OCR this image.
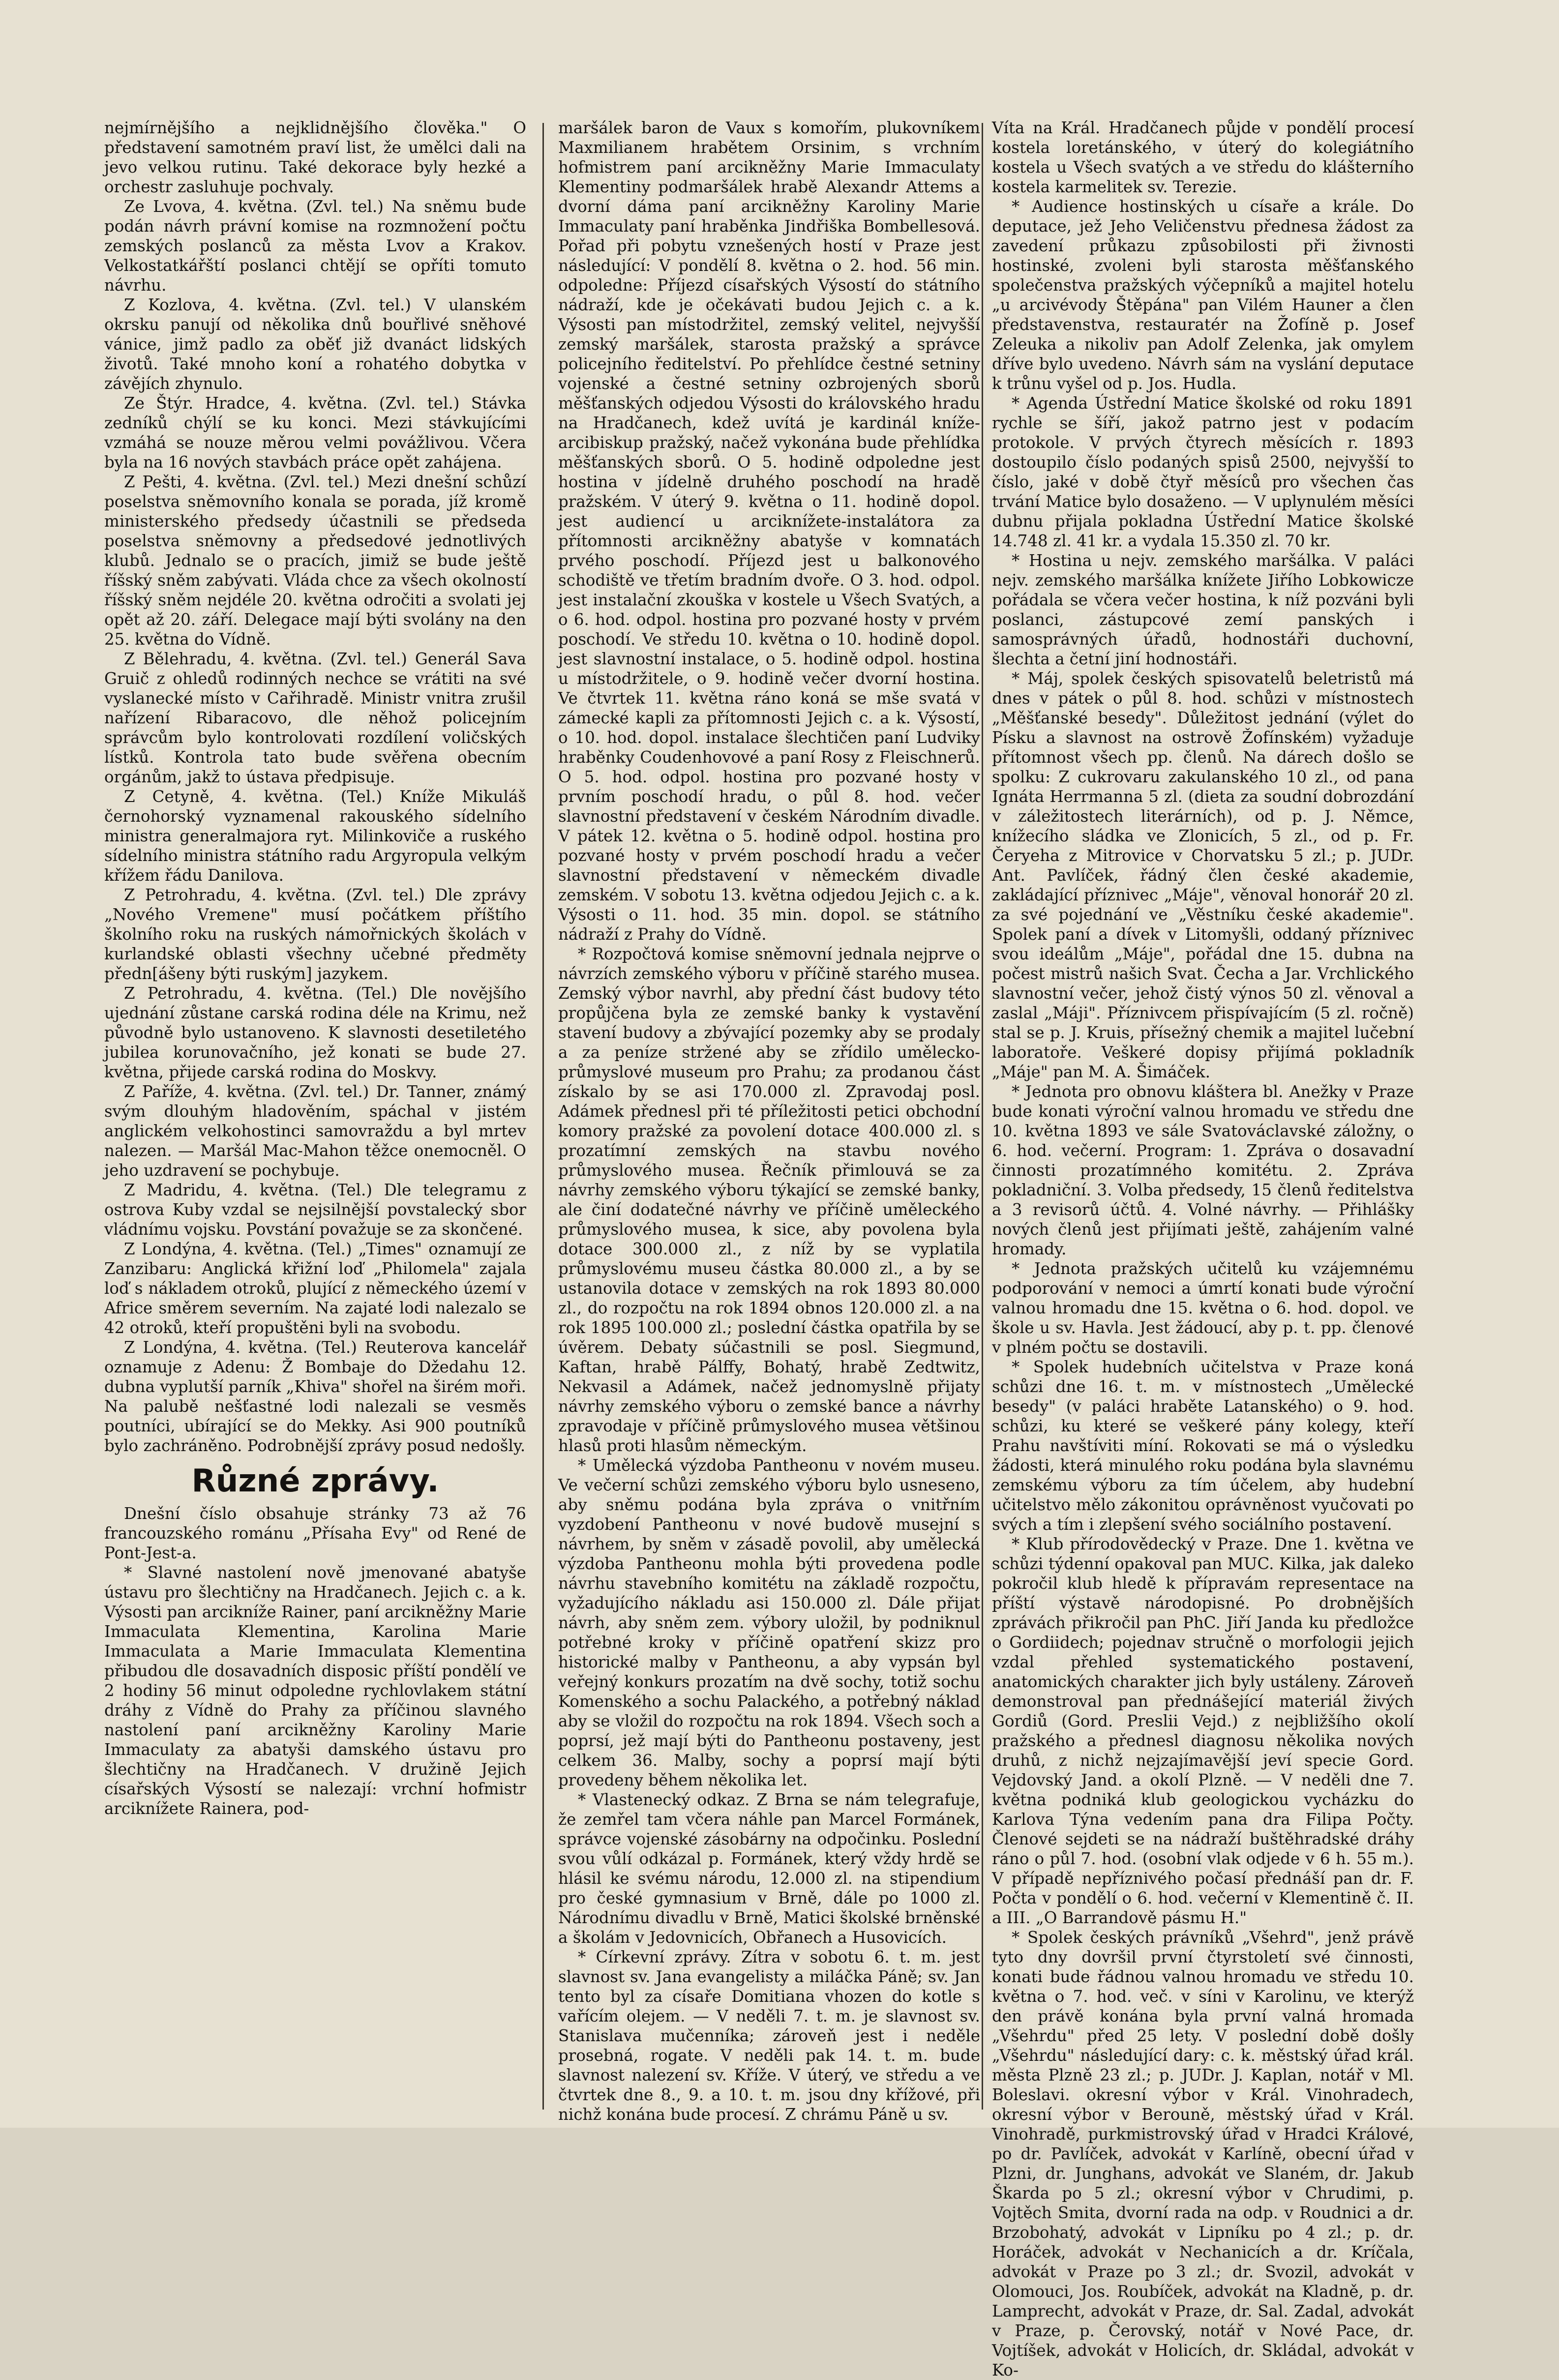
nejmírnějšího a nejklidnějšího člověka." O představení samotném praví list, že umělci dali na jevo velkou rutinu. Také dekorace byly hezké a orchestr zasluhuje pochvaly.

Ze Lvova, 4. května. (Zvl. tel.) Na sněmu bude podán návrh právní komise na rozmnožení počtu zemských poslanců za města Lvov a Krakov. Velkostatkářští poslanci chtějí se opříti tomuto návrhu.

Z Kozlova, 4. května. (Zvl. tel.) V ulanském okrsku panují od několika dnů bouřlivé sněhové vánice, jimž padlo za oběť již dvanáct lidských životů. Také mnoho koní a rohatého dobytka v závějích zhynulo.

Ze Štýr. Hradce, 4. května. (Zvl. tel.) Stávka zedníků chýlí se ku konci. Mezi stávkujícími vzmáhá se nouze měrou velmi povážlivou. Včera byla na 16 nových stavbách práce opět zahájena.

Z Pešti, 4. května. (Zvl. tel.) Mezi dnešní schůzí poselstva sněmovního konala se porada, jíž kromě ministerského předsedy účastnili se předseda poselstva sněmovny a předsedové jednotlivých klubů. Jednalo se o pracích, jimiž se bude ještě říšský sněm zabývati. Vláda chce za všech okolností říšský sněm nejdéle 20. května odročiti a svolati jej opět až 20. září. Delegace mají býti svolány na den 25. května do Vídně.

Z Bělehradu, 4. května. (Zvl. tel.) Generál Sava Gruič z ohledů rodinných nechce se vrátiti na své vyslanecké místo v Cařihradě. Ministr vnitra zrušil nařízení Ribaracovo, dle něhož policejním správcům bylo kontrolovati rozdílení voličských lístků. Kontrola tato bude svěřena obecním orgánům, jakž to ústava předpisuje.

Z Cetyně, 4. května. (Tel.) Kníže Mikuláš černohorský vyznamenal rakouského sídelního ministra generalmajora ryt. Milinkoviče a ruského sídelního ministra státního radu Argyropula velkým křížem řádu Danilova.

Z Petrohradu, 4. května. (Zvl. tel.) Dle zprávy „Nového Vremene" musí počátkem příštího školního roku na ruských námořnických školách v kurlandské oblasti všechny učebné předměty předn[ášeny býti ruským] jazykem.

Z Petrohradu, 4. května. (Tel.) Dle novějšího ujednání zůstane carská rodina déle na Krimu, než původně bylo ustanoveno. K slavnosti desetiletého jubilea korunovačního, jež konati se bude 27. května, přijede carská rodina do Moskvy.

Z Paříže, 4. května. (Zvl. tel.) Dr. Tanner, známý svým dlouhým hladověním, spáchal v jistém anglickém velkohostinci samovraždu a byl mrtev nalezen. — Maršál Mac-Mahon těžce onemocněl. O jeho uzdravení se pochybuje.

Z Madridu, 4. května. (Tel.) Dle telegramu z ostrova Kuby vzdal se nejsilnější povstalecký sbor vládnímu vojsku. Povstání považuje se za skončené.

Z Londýna, 4. května. (Tel.) „Times" oznamují ze Zanzibaru: Anglická křižní loď „Philomela" zajala loď s nákladem otroků, plující z německého území v Africe směrem severním. Na zajaté lodi nalezalo se 42 otroků, kteří propuštěni byli na svobodu.

Z Londýna, 4. května. (Tel.) Reuterova kancelář oznamuje z Adenu: Ž Bombaje do Džedahu 12. dubna vyplutší parník „Khiva" shořel na širém moři. Na palubě nešťastné lodi nalezali se vesměs poutníci, ubírající se do Mekky. Asi 900 poutníků bylo zachráněno. Podrobnější zprávy posud nedošly.

Různé zprávy.

Dnešní číslo obsahuje stránky 73 až 76 francouzského románu „Přísaha Evy" od René de Pont-Jest-a.

* Slavné nastolení nově jmenované abatyše ústavu pro šlechtičny na Hradčanech. Jejich c. a k. Výsosti pan arcikníže Rainer, paní arcikněžny Marie Immaculata Klementina, Karolina Marie Immaculata a Marie Immaculata Klementina přibudou dle dosavadních disposic příští pondělí ve 2 hodiny 56 minut odpoledne rychlovlakem státní dráhy z Vídně do Prahy za příčinou slavného nastolení paní arcikněžny Karoliny Marie Immaculaty za abatyši damského ústavu pro šlechtičny na Hradčanech. V družině Jejich císařských Výsostí se nalezají: vrchní hofmistr arciknížete Rainera, pod-

maršálek baron de Vaux s komořím, plukovníkem Maxmilianem hrabětem Orsinim, s vrchním hofmistrem paní arcikněžny Marie Immaculaty Klementiny podmaršálek hrabě Alexandr Attems a dvorní dáma paní arcikněžny Karoliny Marie Immaculaty paní hraběnka Jindřiška Bombellesová. Pořad při pobytu vznešených hostí v Praze jest následující: V pondělí 8. května o 2. hod. 56 min. odpoledne: Příjezd císařských Výsostí do státního nádraží, kde je očekávati budou Jejich c. a k. Výsosti pan místodržitel, zemský velitel, nejvyšší zemský maršálek, starosta pražský a správce policejního ředitelství. Po přehlídce čestné setniny vojenské a čestné setniny ozbrojených sborů měšťanských odjedou Výsosti do královského hradu na Hradčanech, kdež uvítá je kardinál kníže-arcibiskup pražský, načež vykonána bude přehlídka měšťanských sborů. O 5. hodině odpoledne jest hostina v jídelně druhého poschodí na hradě pražském. V úterý 9. května o 11. hodině dopol. jest audiencí u arciknížete-instalátora za přítomnosti arcikněžny abatyše v komnatách prvého poschodí. Příjezd jest u balkonového schodiště ve třetím bradním dvoře. O 3. hod. odpol. jest instalační zkouška v kostele u Všech Svatých, a o 6. hod. odpol. hostina pro pozvané hosty v prvém poschodí. Ve středu 10. května o 10. hodině dopol. jest slavnostní instalace, o 5. hodině odpol. hostina u místodržitele, o 9. hodině večer dvorní hostina. Ve čtvrtek 11. května ráno koná se mše svatá v zámecké kapli za přítomnosti Jejich c. a k. Výsostí, o 10. hod. dopol. instalace šlechtičen paní Ludviky hraběnky Coudenhovové a paní Rosy z Fleischnerů. O 5. hod. odpol. hostina pro pozvané hosty v prvním poschodí hradu, o půl 8. hod. večer slavnostní představení v českém Národním divadle. V pátek 12. května o 5. hodině odpol. hostina pro pozvané hosty v prvém poschodí hradu a večer slavnostní představení v německém divadle zemském. V sobotu 13. května odjedou Jejich c. a k. Výsosti o 11. hod. 35 min. dopol. se státního nádraží z Prahy do Vídně.

* Rozpočtová komise sněmovní jednala nejprve o návrzích zemského výboru v příčině starého musea. Zemský výbor navrhl, aby přední část budovy této propůjčena byla ze zemské banky k vystavění stavení budovy a zbývající pozemky aby se prodaly a za peníze stržené aby se zřídilo umělecko-průmyslové museum pro Prahu; za prodanou část získalo by se asi 170.000 zl. Zpravodaj posl. Adámek přednesl při té příležitosti petici obchodní komory pražské za povolení dotace 400.000 zl. s prozatímní zemských na stavbu nového průmyslového musea. Řečník přimlouvá se za návrhy zemského výboru týkající se zemské banky, ale činí dodatečné návrhy ve příčině uměleckého průmyslového musea, k sice, aby povolena byla dotace 300.000 zl., z níž by se vyplatila průmyslovému museu částka 80.000 zl., a by se ustanovila dotace v zemských na rok 1893 80.000 zl., do rozpočtu na rok 1894 obnos 120.000 zl. a na rok 1895 100.000 zl.; poslední částka opatřila by se úvěrem. Debaty súčastnili se posl. Siegmund, Kaftan, hrabě Pálffy, Bohatý, hrabě Zedtwitz, Nekvasil a Adámek, načež jednomyslně přijaty návrhy zemského výboru o zemské bance a návrhy zpravodaje v příčině průmyslového musea většinou hlasů proti hlasům německým.

* Umělecká výzdoba Pantheonu v novém museu. Ve večerní schůzi zemského výboru bylo usneseno, aby sněmu podána byla zpráva o vnitřním vyzdobení Pantheonu v nové budově musejní s návrhem, by sněm v zásadě povolil, aby umělecká výzdoba Pantheonu mohla býti provedena podle návrhu stavebního komitétu na základě rozpočtu, vyžadujícího nákladu asi 150.000 zl. Dále přijat návrh, aby sněm zem. výbory uložil, by podniknul potřebné kroky v příčině opatření skizz pro historické malby v Pantheonu, a aby vypsán byl veřejný konkurs prozatím na dvě sochy, totiž sochu Komenského a sochu Palackého, a potřebný náklad aby se vložil do rozpočtu na rok 1894. Všech soch a poprsí, jež mají býti do Pantheonu postaveny, jest celkem 36. Malby, sochy a poprsí mají býti provedeny během několika let.

* Vlastenecký odkaz. Z Brna se nám telegrafuje, že zemřel tam včera náhle pan Marcel Formánek, správce vojenské zásobárny na odpočinku. Poslední svou vůlí odkázal p. Formánek, který vždy hrdě se hlásil ke svému národu, 12.000 zl. na stipendium pro české gymnasium v Brně, dále po 1000 zl. Národnímu divadlu v Brně, Matici školské brněnské a školám v Jedovnicích, Obřanech a Husovicích.

* Církevní zprávy. Zítra v sobotu 6. t. m. jest slavnost sv. Jana evangelisty a miláčka Páně; sv. Jan tento byl za císaře Domitiana vhozen do kotle s vařícím olejem. — V neděli 7. t. m. je slavnost sv. Stanislava mučenníka; zároveň jest i neděle prosebná, rogate. V neděli pak 14. t. m. bude slavnost nalezení sv. Kříže. V úterý, ve středu a ve čtvrtek dne 8., 9. a 10. t. m. jsou dny křížové, při nichž konána bude procesí. Z chrámu Páně u sv.

Víta na Král. Hradčanech půjde v pondělí procesí kostela loretánského, v úterý do kolegiátního kostela u Všech svatých a ve středu do klášterního kostela karmelitek sv. Terezie.

* Audience hostinských u císaře a krále. Do deputace, jež Jeho Veličenstvu přednesa žádost za zavedení průkazu způsobilosti při živnosti hostinské, zvoleni byli starosta měšťanského společenstva pražských výčepníků a majitel hotelu „u arcivévody Štěpána" pan Vilém Hauner a člen představenstva, restauratér na Žofíně p. Josef Zeleuka a nikoliv pan Adolf Zelenka, jak omylem dříve bylo uvedeno. Návrh sám na vyslání deputace k trůnu vyšel od p. Jos. Hudla.

* Agenda Ústřední Matice školské od roku 1891 rychle se šíří, jakož patrno jest v podacím protokole. V prvých čtyrech měsících r. 1893 dostoupilo číslo podaných spisů 2500, nejvyšší to číslo, jaké v době čtyř měsíců pro všechen čas trvání Matice bylo dosaženo. — V uplynulém měsíci dubnu přijala pokladna Ústřední Matice školské 14.748 zl. 41 kr. a vydala 15.350 zl. 70 kr.

* Hostina u nejv. zemského maršálka. V paláci nejv. zemského maršálka knížete Jiřího Lobkowicze pořádala se včera večer hostina, k níž pozváni byli poslanci, zástupcové zemí panských i samosprávných úřadů, hodnostáři duchovní, šlechta a četní jiní hodnostáři.

* Máj, spolek českých spisovatelů beletristů má dnes v pátek o půl 8. hod. schůzi v místnostech „Měšťanské besedy". Důležitost jednání (výlet do Písku a slavnost na ostrově Žofínském) vyžaduje přítomnost všech pp. členů. Na dárech došlo se spolku: Z cukrovaru zakulanského 10 zl., od pana Ignáta Herrmanna 5 zl. (dieta za soudní dobrozdání v záležitostech literárních), od p. J. Němce, knížecího sládka ve Zlonicích, 5 zl., od p. Fr. Čeryeha z Mitrovice v Chorvatsku 5 zl.; p. JUDr. Ant. Pavlíček, řádný člen české akademie, zakládající příznivec „Máje", věnoval honorář 20 zl. za své pojednání ve „Věstníku české akademie". Spolek paní a dívek v Litomyšli, oddaný příznivec svou ideálům „Máje", pořádal dne 15. dubna na počest mistrů našich Svat. Čecha a Jar. Vrchlického slavnostní večer, jehož čistý výnos 50 zl. věnoval a zaslal „Máji". Příznivcem přispívajícím (5 zl. ročně) stal se p. J. Kruis, přísežný chemik a majitel lučební laboratoře. Veškeré dopisy přijímá pokladník „Máje" pan M. A. Šimáček.

* Jednota pro obnovu kláštera bl. Anežky v Praze bude konati výroční valnou hromadu ve středu dne 10. května 1893 ve sále Svatováclavské záložny, o 6. hod. večerní. Program: 1. Zpráva o dosavadní činnosti prozatímného komitétu. 2. Zpráva pokladniční. 3. Volba předsedy, 15 členů ředitelstva a 3 revisorů účtů. 4. Volné návrhy. — Přihlášky nových členů jest přijímati ještě, zahájením valné hromady.

* Jednota pražských učitelů ku vzájemnému podporování v nemoci a úmrtí konati bude výroční valnou hromadu dne 15. května o 6. hod. dopol. ve škole u sv. Havla. Jest žádoucí, aby p. t. pp. členové v plném počtu se dostavili.

* Spolek hudebních učitelstva v Praze koná schůzi dne 16. t. m. v místnostech „Umělecké besedy" (v paláci hraběte Latanského) o 9. hod. schůzi, ku které se veškeré pány kolegy, kteří Prahu navštíviti míní. Rokovati se má o výsledku žádosti, která minulého roku podána byla slavnému zemskému výboru za tím účelem, aby hudební učitelstvo mělo zákonitou oprávněnost vyučovati po svých a tím i zlepšení svého sociálního postavení.

* Klub přírodovědecký v Praze. Dne 1. května ve schůzi týdenní opakoval pan MUC. Kilka, jak daleko pokročil klub hledě k přípravám representace na příští výstavě národopisné. Po drobnějších zprávách přikročil pan PhC. Jiří Janda ku předložce o Gordiidech; pojednav stručně o morfologii jejich vzdal přehled systematického postavení, anatomických charakter jich byly ustáleny. Zároveň demonstroval pan přednášející materiál živých Gordiů (Gord. Preslii Vejd.) z nejbližšího okolí pražského a přednesl diagnosu několika nových druhů, z nichž nejzajímavější jeví specie Gord. Vejdovský Jand. a okolí Plzně. — V neděli dne 7. května podniká klub geologickou vycházku do Karlova Týna vedením pana dra Filipa Počty. Členové sejdeti se na nádraží buštěhradské dráhy ráno o půl 7. hod. (osobní vlak odjede v 6 h. 55 m.). V případě nepříznivého počasí přednáší pan dr. F. Počta v pondělí o 6. hod. večerní v Klementině č. II. a III. „O Barrandově pásmu H."

* Spolek českých právníků „Všehrd", jenž právě tyto dny dovršil první čtyrstoletí své činnosti, konati bude řádnou valnou hromadu ve středu 10. května o 7. hod. več. v síni v Karolinu, ve kterýž den právě konána byla první valná hromada „Všehrdu" před 25 lety. V poslední době došly „Všehrdu" následující dary: c. k. městský úřad král. města Plzně 23 zl.; p. JUDr. J. Kaplan, notář v Ml. Boleslavi. okresní výbor v Král. Vinohradech, okresní výbor v Berouně, městský úřad v Král. Vinohradě, purkmistrovský úřad v Hradci Králové, po dr. Pavlíček, advokát v Karlíně, obecní úřad v Plzni, dr. Junghans, advokát ve Slaném, dr. Jakub Škarda po 5 zl.; okresní výbor v Chrudimi, p. Vojtěch Smita, dvorní rada na odp. v Roudnici a dr. Brzobohatý, advokát v Lipníku po 4 zl.; p. dr. Horáček, advokát v Nechanicích a dr. Kríčala, advokát v Praze po 3 zl.; dr. Svozil, advokát v Olomouci, Jos. Roubíček, advokát na Kladně, p. dr. Lamprecht, advokát v Praze, dr. Sal. Zadal, advokát v Praze, p. Čerovský, notář v Nové Pace, dr. Vojtíšek, advokát v Holicích, dr. Skládal, advokát v Ko-
